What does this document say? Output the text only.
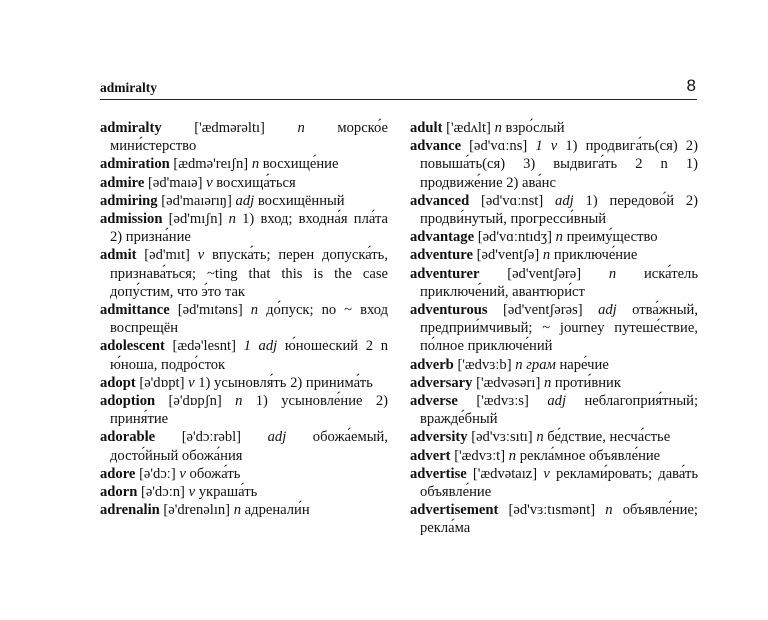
admiralty	8
admiralty ['ædmərəltı] n морско́е мини́стерство
admiration [ædmə'reıʃn] n восхище́ние
admire [əd'maıə] v восхища́ться
admiring [əd'maıərıŋ] adj восхищённый
admission [əd'mıʃn] n 1) вход; входна́я пла́та 2) призна́ние
admit [əd'mıt] v впуска́ть; перен допуска́ть, признава́ться; ~ting that this is the case допу́стим, что э́то так
admittance [əd'mıtəns] n до́пуск; no ~ вход воспрещён
adolescent [ædə'lesnt] 1 adj ю́ношеский 2 n ю́ноша, подро́сток
adopt [ə'dɒpt] v 1) усыновля́ть 2) принима́ть
adoption [ə'dɒpʃn] n 1) усыновле́ние 2) приня́тие
adorable [ə'dɔːrəbl] adj обожа́емый, досто́йный обожа́ния
adore [ə'dɔː] v обожа́ть
adorn [ə'dɔːn] v украша́ть
adrenalin [ə'drenəlın] n адренали́н
adult ['ædʌlt] n взро́слый
advance [əd'vɑːns] 1 v 1) продвига́ть(ся) 2) повыша́ть(ся) 3) выдвига́ть 2 n 1) продвиже́ние 2) ава́нс
advanced [əd'vɑːnst] adj 1) передово́й 2) продви́нутый, прогресси́вный
advantage [əd'vɑːntıdʒ] n преиму́щество
adventure [əd'ventʃə] n приключе́ние
adventurer [əd'ventʃərə] n иска́тель приключе́ний, авантюри́ст
adventurous [əd'ventʃərəs] adj отва́жный, предприи́мчивый; ~ journey путеше́ствие, по́лное приключе́ний
adverb ['ædvɜːb] n грам наре́чие
adversary ['ædvəsərı] n проти́вник
adverse ['ædvɜːs] adj неблагоприя́тный; вражде́бный
adversity [əd'vɜːsıtı] n бе́дствие, несча́стье
advert ['ædvɜːt] n рекла́мное объявле́ние
advertise ['ædvətaız] v реклами́ровать; дава́ть объявле́ние
advertisement [əd'vɜːtısmənt] n объявле́ние; рекла́ма
